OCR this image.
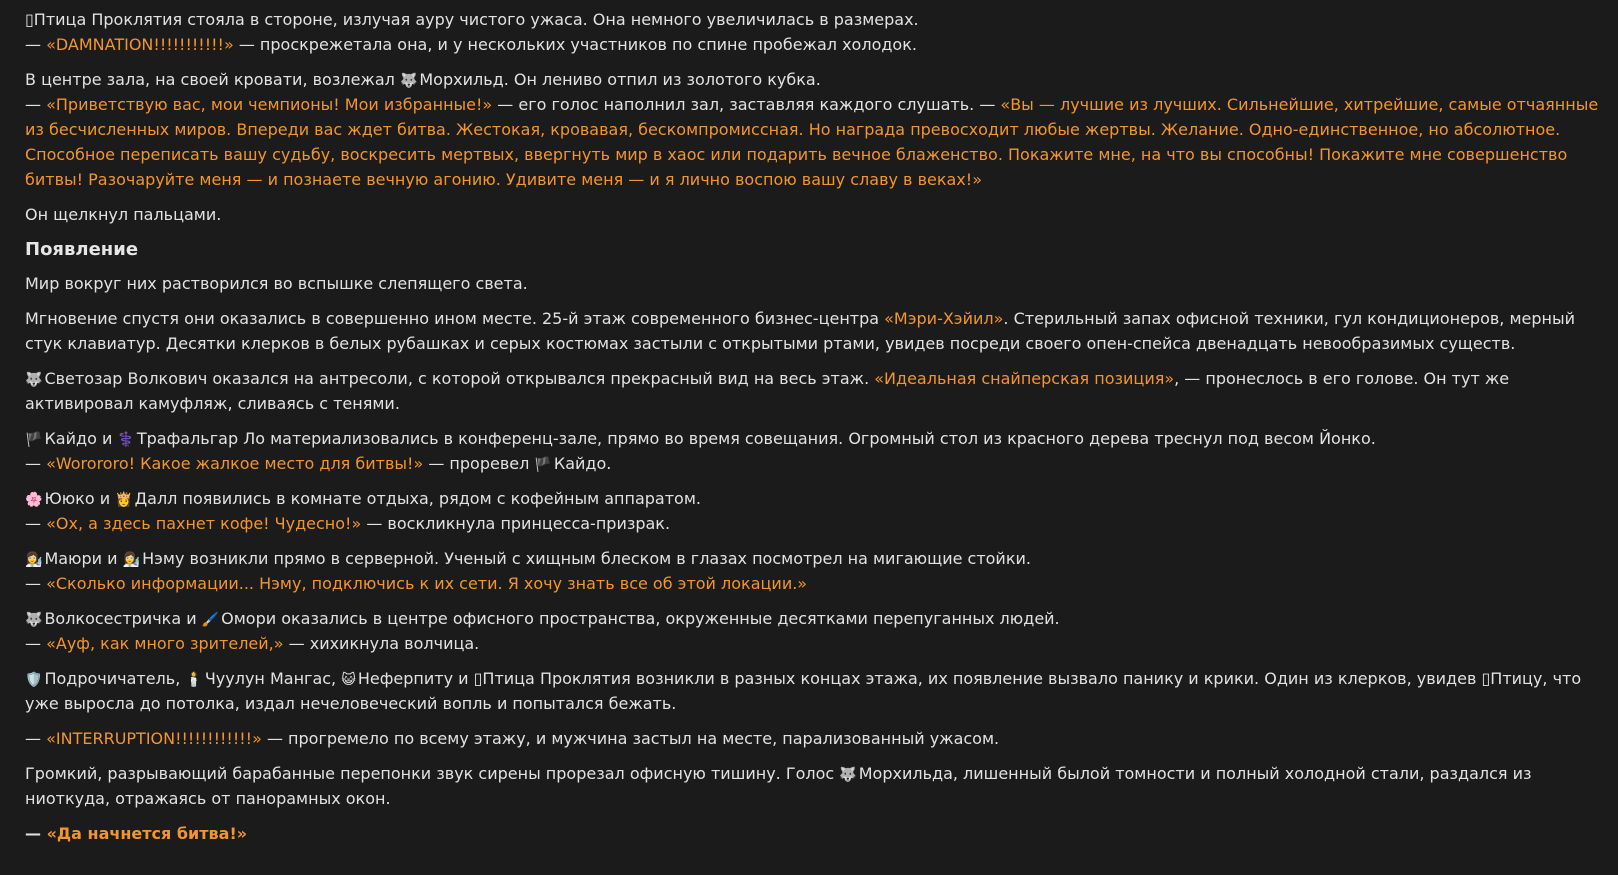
▯Птица Проклятия стояла в стороне, излучая ауру чистого ужаса. Она немного увеличилась в размерах.
— «DAMNATION!!!!!!!!!!!» — проскрежетала она, и у нескольких участников по спине пробежал холодок.

В центре зала, на своей кровати, возлежал 🐺 Морхильд. Он лениво отпил из золотого кубка.
— «Приветствую вас, мои чемпионы! Мои избранные!» — его голос наполнил зал, заставляя каждого слушать. — «Вы — лучшие из лучших. Сильнейшие, хитрейшие, самые отчаянные из бесчисленных миров. Впереди вас ждет битва. Жестокая, кровавая, бескомпромиссная. Но награда превосходит любые жертвы. Желание. Одно-единственное, но абсолютное. Способное переписать вашу судьбу, воскресить мертвых, ввергнуть мир в хаос или подарить вечное блаженство. Покажите мне, на что вы способны! Покажите мне совершенство битвы! Разочаруйте меня — и познаете вечную агонию. Удивите меня — и я лично воспою вашу славу в веках!»

Он щелкнул пальцами.

Появление

Мир вокруг них растворился во вспышке слепящего света.

Мгновение спустя они оказались в совершенно ином месте. 25-й этаж современного бизнес-центра «Мэри-Хэйил». Стерильный запах офисной техники, гул кондиционеров, мерный стук клавиатур. Десятки клерков в белых рубашках и серых костюмах застыли с открытыми ртами, увидев посреди своего опен-спейса двенадцать невообразимых существ.

🐺 Светозар Волкович оказался на антресоли, с которой открывался прекрасный вид на весь этаж. «Идеальная снайперская позиция», — пронеслось в его голове. Он тут же активировал камуфляж, сливаясь с тенями.

🏴 Кайдо и ⚕️ Трафальгар Ло материализовались в конференц-зале, прямо во время совещания. Огромный стол из красного дерева треснул под весом Йонко.
— «Worororo! Какое жалкое место для битвы!» — проревел 🏴 Кайдо.

🌸 Ююко и 👸 Далл появились в комнате отдыха, рядом с кофейным аппаратом.
— «Ох, а здесь пахнет кофе! Чудесно!» — воскликнула принцесса-призрак.

👩‍🔬 Маюри и 👩‍🔬 Нэму возникли прямо в серверной. Ученый с хищным блеском в глазах посмотрел на мигающие стойки.
— «Сколько информации... Нэму, подключись к их сети. Я хочу знать все об этой локации.»

🐺 Волкосестричка и 🖌️ Омори оказались в центре офисного пространства, окруженные десятками перепуганных людей.
— «Ауф, как много зрителей,» — хихикнула волчица.

🛡️ Подрочичатель, 🕯️ Чуулун Мангас, 😺 Неферпиту и ▯Птица Проклятия возникли в разных концах этажа, их появление вызвало панику и крики. Один из клерков, увидев ▯Птицу, что уже выросла до потолка, издал нечеловеческий вопль и попытался бежать.

— «INTERRUPTION!!!!!!!!!!!!» — прогремело по всему этажу, и мужчина застыл на месте, парализованный ужасом.

Громкий, разрывающий барабанные перепонки звук сирены прорезал офисную тишину. Голос 🐺 Морхильда, лишенный былой томности и полный холодной стали, раздался из ниоткуда, отражаясь от панорамных окон.

— «Да начнется битва!»
